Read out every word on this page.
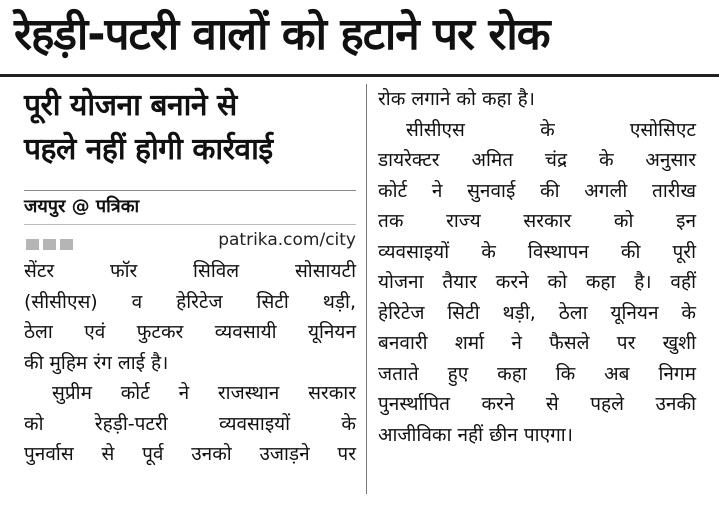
रेहड़ी-पटरी वालों को हटाने पर रोक
पूरी योजना बनाने से
पहले नहीं होगी कार्रवाई
जयपुर @ पत्रिका
patrika.com/city

सेंटर फॉर सिविल सोसायटी

(सीसीएस) व हेरिटेज सिटी थड़ी,

ठेला एवं फुटकर व्यवसायी यूनियन

की मुहिम रंग लाई है।

सुप्रीम कोर्ट ने राजस्थान सरकार

को रेहड़ी-पटरी व्यवसाइयों के

पुनर्वास से पूर्व उनको उजाड़ने पर

रोक लगाने को कहा है।

सीसीएस के एसोसिएट

डायरेक्टर अमित चंद्र के अनुसार

कोर्ट ने सुनवाई की अगली तारीख

तक राज्य सरकार को इन

व्यवसाइयों के विस्थापन की पूरी

योजना तैयार करने को कहा है। वहीं

हेरिटेज सिटी थड़ी, ठेला यूनियन के

बनवारी शर्मा ने फैसले पर खुशी

जताते हुए कहा कि अब निगम

पुनर्स्थापित करने से पहले उनकी

आजीविका नहीं छीन पाएगा।
